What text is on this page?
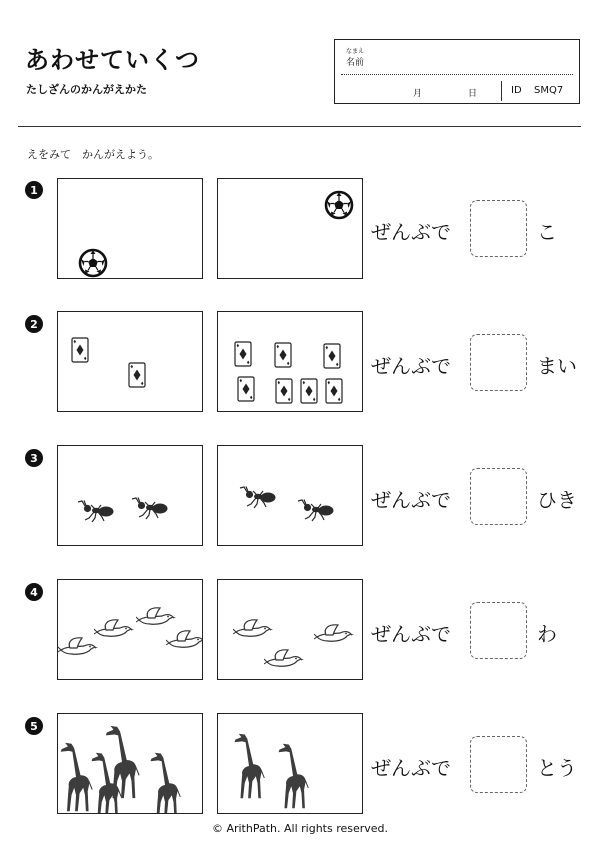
あわせていくつ
たしざんのかんがえかた
なまえ
名前
月	日	ID SMQ7
えをみて　かんがえよう。
1
ぜんぶで	こ
2
ぜんぶで	まい
3
ぜんぶで	ひき
4
ぜんぶで	わ
5
ぜんぶで	とう
© ArithPath. All rights reserved.
